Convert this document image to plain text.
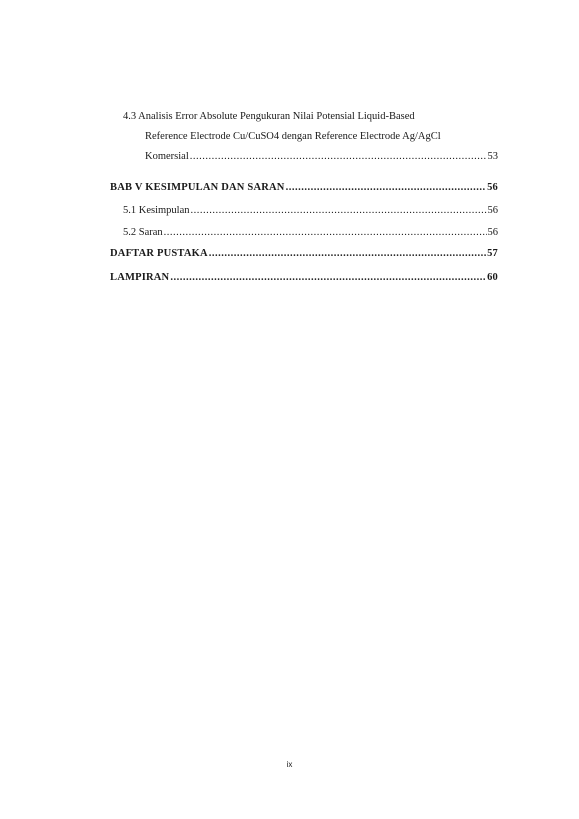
4.3 Analisis Error Absolute Pengukuran Nilai Potensial Liquid-Based
Reference Electrode Cu/CuSO4 dengan Reference Electrode Ag/AgCl
Komersial .....	53
BAB V KESIMPULAN DAN SARAN .....	56
5.1 Kesimpulan .....	56
5.2 Saran .....	56
DAFTAR PUSTAKA .....	57
LAMPIRAN .....	60
ix
